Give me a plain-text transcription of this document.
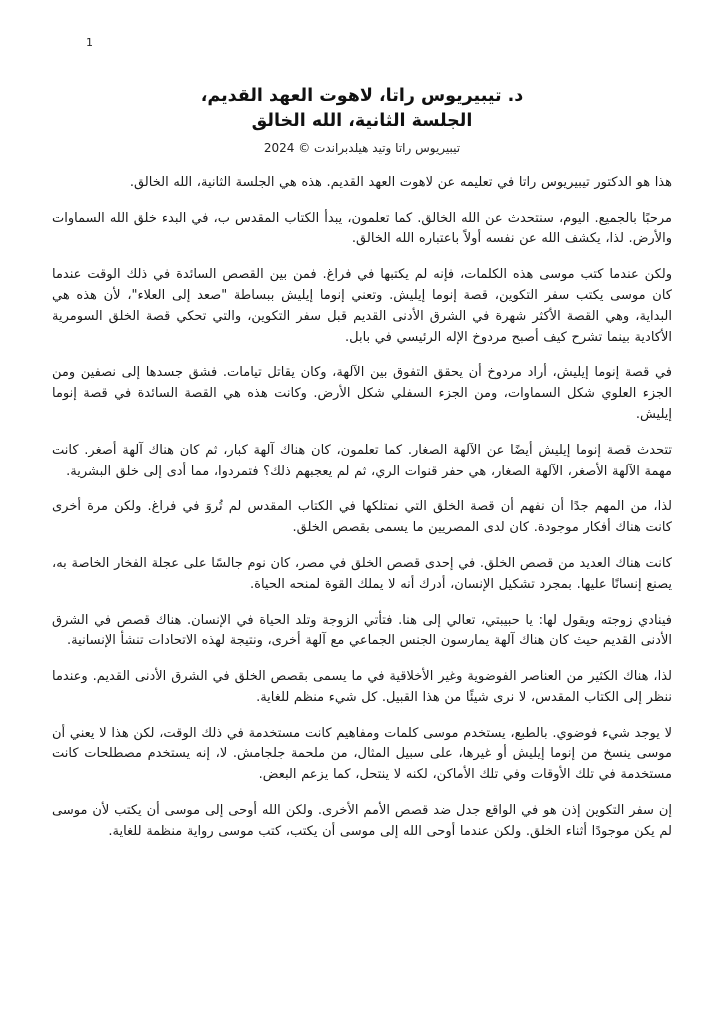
1
د. تيبيريوس راتا، لاهوت العهد القديم،
الجلسة الثانية، الله الخالق

تيبيريوس راتا وتيد هيلدبراندت © 2024

هذا هو الدكتور تيبيريوس راتا في تعليمه عن لاهوت العهد القديم. هذه هي الجلسة الثانية، الله الخالق.

مرحبًا بالجميع. اليوم، سنتحدث عن الله الخالق. كما تعلمون، يبدأ الكتاب المقدس ب، في البدء خلق الله السماوات والأرض. لذا، يكشف الله عن نفسه أولاً باعتباره الله الخالق.

ولكن عندما كتب موسى هذه الكلمات، فإنه لم يكتبها في فراغ. فمن بين القصص السائدة في ذلك الوقت عندما كان موسى يكتب سفر التكوين، قصة إنوما إيليش. وتعني إنوما إيليش ببساطة "صعد إلى العلاء"، لأن هذه هي البداية، وهي القصة الأكثر شهرة في الشرق الأدنى القديم قبل سفر التكوين، والتي تحكي قصة الخلق السومرية الأكادية بينما تشرح كيف أصبح مردوخ الإله الرئيسي في بابل.

في قصة إنوما إيليش، أراد مردوخ أن يحقق التفوق بين الآلهة، وكان يقاتل تيامات. فشق جسدها إلى نصفين ومن الجزء العلوي شكل السماوات، ومن الجزء السفلي شكل الأرض. وكانت هذه هي القصة السائدة في قصة إنوما إيليش.

تتحدث قصة إنوما إيليش أيضًا عن الآلهة الصغار. كما تعلمون، كان هناك آلهة كبار، ثم كان هناك آلهة أصغر. كانت مهمة الآلهة الأصغر، الآلهة الصغار، هي حفر قنوات الري، ثم لم يعجبهم ذلك؟ فتمردوا، مما أدى إلى خلق البشرية.

لذا، من المهم جدًا أن نفهم أن قصة الخلق التي نمتلكها في الكتاب المقدس لم تُروَ في فراغ. ولكن مرة أخرى كانت هناك أفكار موجودة. كان لدى المصريين ما يسمى بقصص الخلق.

كانت هناك العديد من قصص الخلق. في إحدى قصص الخلق في مصر، كان نوم جالسًا على عجلة الفخار الخاصة به، يصنع إنسانًا عليها. بمجرد تشكيل الإنسان، أدرك أنه لا يملك القوة لمنحه الحياة.

فينادي زوجته ويقول لها: يا حبيبتي، تعالي إلى هنا. فتأتي الزوجة وتلد الحياة في الإنسان. هناك قصص في الشرق الأدنى القديم حيث كان هناك آلهة يمارسون الجنس الجماعي مع آلهة أخرى، ونتيجة لهذه الاتحادات تنشأ الإنسانية.

لذا، هناك الكثير من العناصر الفوضوية وغير الأخلاقية في ما يسمى بقصص الخلق في الشرق الأدنى القديم. وعندما ننظر إلى الكتاب المقدس، لا نرى شيئًا من هذا القبيل. كل شيء منظم للغاية.

لا يوجد شيء فوضوي. بالطبع، يستخدم موسى كلمات ومفاهيم كانت مستخدمة في ذلك الوقت، لكن هذا لا يعني أن موسى ينسخ من إنوما إيليش أو غيرها، على سبيل المثال، من ملحمة جلجامش. لا، إنه يستخدم مصطلحات كانت مستخدمة في تلك الأوقات وفي تلك الأماكن، لكنه لا ينتحل، كما يزعم البعض.

إن سفر التكوين إذن هو في الواقع جدل ضد قصص الأمم الأخرى. ولكن الله أوحى إلى موسى أن يكتب لأن موسى لم يكن موجودًا أثناء الخلق. ولكن عندما أوحى الله إلى موسى أن يكتب، كتب موسى رواية منظمة للغاية.
